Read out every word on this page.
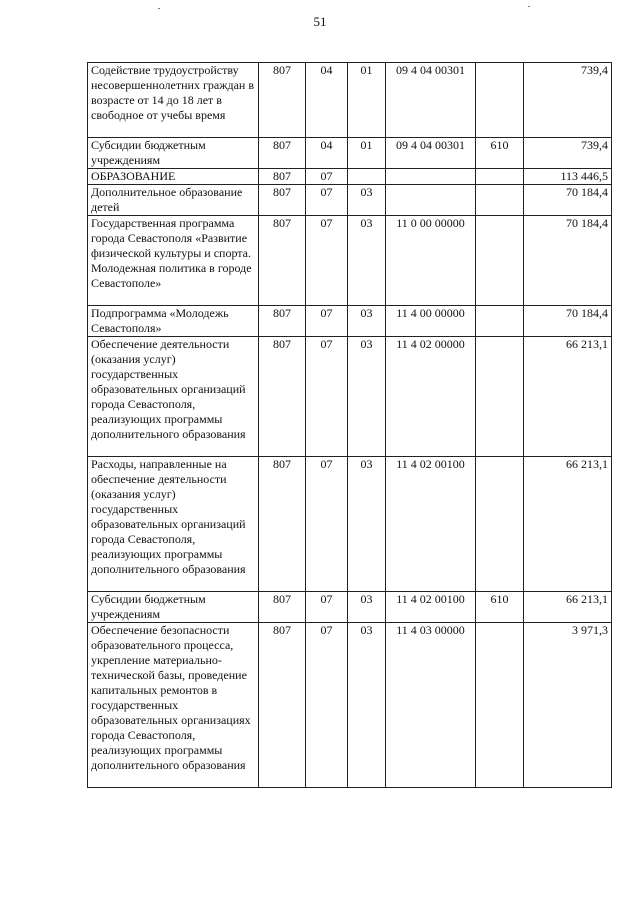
51
Содействие трудоустройству несовершеннолетних граждан в возрасте от 14 до 18 лет в свободное от учебы время	807	04	01	09 4 04 00301		739,4
Субсидии бюджетным учреждениям	807	04	01	09 4 04 00301	610	739,4
ОБРАЗОВАНИЕ	807	07				113 446,5
Дополнительное образование детей	807	07	03			70 184,4
Государственная программа города Севастополя «Развитие физической культуры и спорта. Молодежная политика в городе Севастополе»	807	07	03	11 0 00 00000		70 184,4
Подпрограмма «Молодежь Севастополя»	807	07	03	11 4 00 00000		70 184,4
Обеспечение деятельности (оказания услуг) государственных образовательных организаций города Севастополя, реализующих программы дополнительного образования	807	07	03	11 4 02 00000		66 213,1
Расходы, направленные на обеспечение деятельности (оказания услуг) государственных образовательных организаций города Севастополя, реализующих программы дополнительного образования	807	07	03	11 4 02 00100		66 213,1
Субсидии бюджетным учреждениям	807	07	03	11 4 02 00100	610	66 213,1
Обеспечение безопасности образовательного процесса, укрепление материально-технической базы, проведение капитальных ремонтов в государственных образовательных организациях города Севастополя, реализующих программы дополнительного образования	807	07	03	11 4 03 00000		3 971,3
